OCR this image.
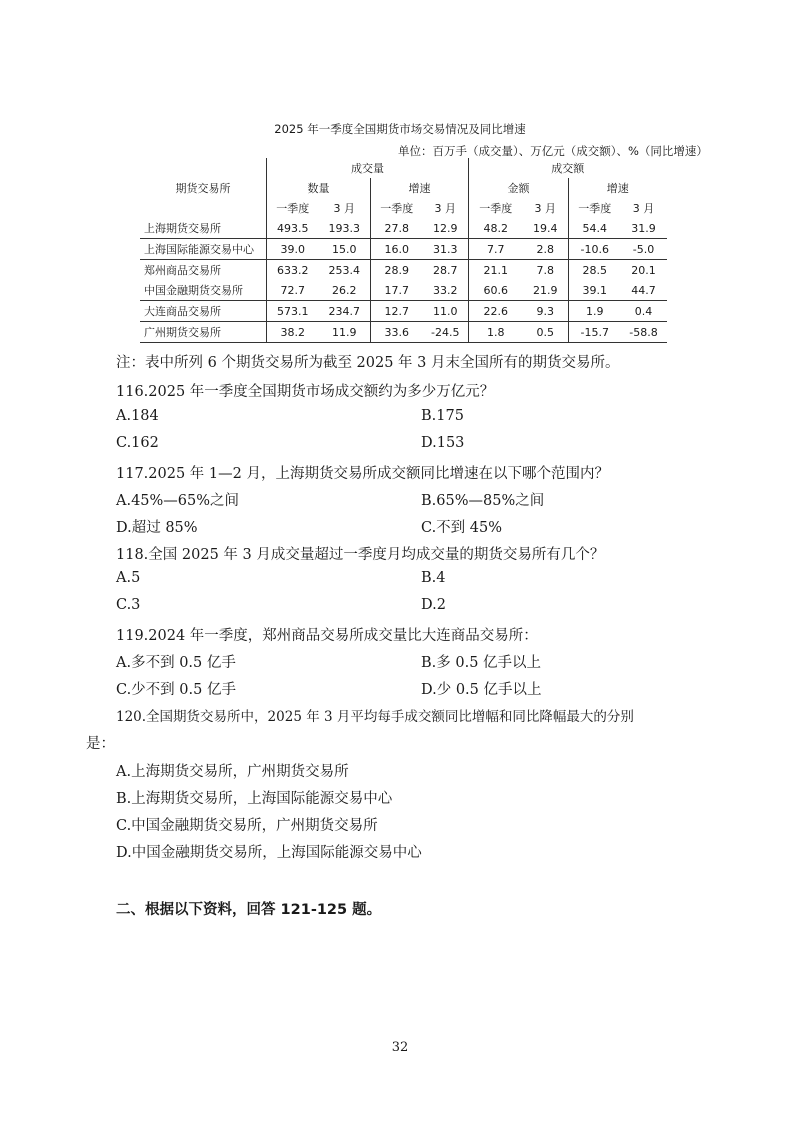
2025 年一季度全国期货市场交易情况及同比增速
单位：百万手（成交量）、万亿元（成交额）、%（同比增速）
期货交易所	成交量				成交额			
	数量		增速		金额		增速	
	一季度	3 月	一季度	3 月	一季度	3 月	一季度	3 月
上海期货交易所	493.5	193.3	27.8	12.9	48.2	19.4	54.4	31.9
上海国际能源交易中心	39.0	15.0	16.0	31.3	7.7	2.8	-10.6	-5.0
郑州商品交易所	633.2	253.4	28.9	28.7	21.1	7.8	28.5	20.1
中国金融期货交易所	72.7	26.2	17.7	33.2	60.6	21.9	39.1	44.7
大连商品交易所	573.1	234.7	12.7	11.0	22.6	9.3	1.9	0.4
广州期货交易所	38.2	11.9	33.6	-24.5	1.8	0.5	-15.7	-58.8
注：表中所列 6 个期货交易所为截至 2025 年 3 月末全国所有的期货交易所。
116.2025 年一季度全国期货市场成交额约为多少万亿元？
A.184	B.175
C.162	D.153
117.2025 年 1—2 月，上海期货交易所成交额同比增速在以下哪个范围内？
A.45%—65%之间	B.65%—85%之间
D.超过 85%	C.不到 45%
118.全国 2025 年 3 月成交量超过一季度月均成交量的期货交易所有几个？
A.5	B.4
C.3	D.2
119.2024 年一季度，郑州商品交易所成交量比大连商品交易所：
A.多不到 0.5 亿手	B.多 0.5 亿手以上
C.少不到 0.5 亿手	D.少 0.5 亿手以上
120.全国期货交易所中，2025 年 3 月平均每手成交额同比增幅和同比降幅最大的分别
是：
A.上海期货交易所，广州期货交易所
B.上海期货交易所，上海国际能源交易中心
C.中国金融期货交易所，广州期货交易所
D.中国金融期货交易所，上海国际能源交易中心
二、根据以下资料，回答 121-125 题。
32
